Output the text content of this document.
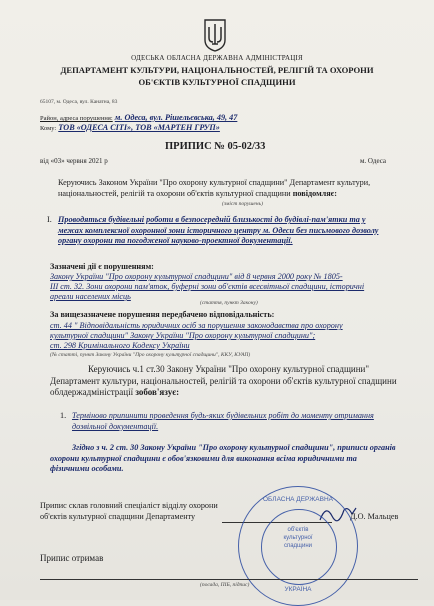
ОДЕСЬКА ОБЛАСНА ДЕРЖАВНА АДМІНІСТРАЦІЯ
ДЕПАРТАМЕНТ КУЛЬТУРИ, НАЦІОНАЛЬНОСТЕЙ, РЕЛІГІЙ ТА ОХОРОНИ
ОБ'ЄКТІВ КУЛЬТУРНОЇ СПАДЩИНИ
65107, м. Одеса, вул. Канатна, 83
Район, адреса порушення: м. Одеса, вул. Рішельєвська, 49, 47
Кому: ТОВ «ОДЕСА СІТІ», ТОВ «МАРТЕН ГРУП»
ПРИПИС № 05-02/33
від «03» червня 2021 р	м. Одеса
Керуючись Законом України "Про охорону культурної спадщини" Департамент культури, національностей, релігій та охорони об'єктів культурної спадщини повідомляє:
(зміст порушень)
I. Проводяться будівельні роботи в безпосередній близькості до будівлі-пам'ятки та у межах комплексної охоронної зони історичного центру м. Одеси без письмового дозволу органу охорони та погодженої науково-проектної документації.
Зазначені дії є порушенням:
Закону України "Про охорону культурної спадщини" від 8 червня 2000 року № 1805-
III ст. 32. Зони охорони пам'яток, буферні зони об'єктів всесвітньої спадщини, історичні
ареали населених місць
(стаття, пункт Закону)
За вищезазначене порушення передбачено відповідальність:
ст. 44 " Відповідальність юридичних осіб за порушення законодавства про охорону
культурної спадщини" Закону України "Про охорону культурної спадщини";
ст. 298 Кримінального Кодексу України
(№ статті, пункт Закону України "Про охорону культурної спадщини", ККУ, КУАП)
Керуючись ч.1 ст.30 Закону України "Про охорону культурної спадщини" Департамент культури, національностей, релігій та охорони об'єктів культурної спадщини облдержадміністрації зобов'язує:
1. Терміново припинити проведення будь-яких будівельних робіт до моменту отримання дозвільної документації.
Згідно з ч. 2 ст. 30 Закону України "Про охорону культурної спадщини", приписи органів охорони культурної спадщини є обов'язковими для виконання всіма юридичними та фізичними особами.
Припис склав головний спеціаліст відділу охорони
об'єктів культурної спадщини Департаменту	Д.О. Мальцев
ОБЛАСНА ДЕРЖАВНА
об'єктів
культурної
спадщини
УКРАЇНА
Припис отримав
(посада, ПІБ, підпис)
